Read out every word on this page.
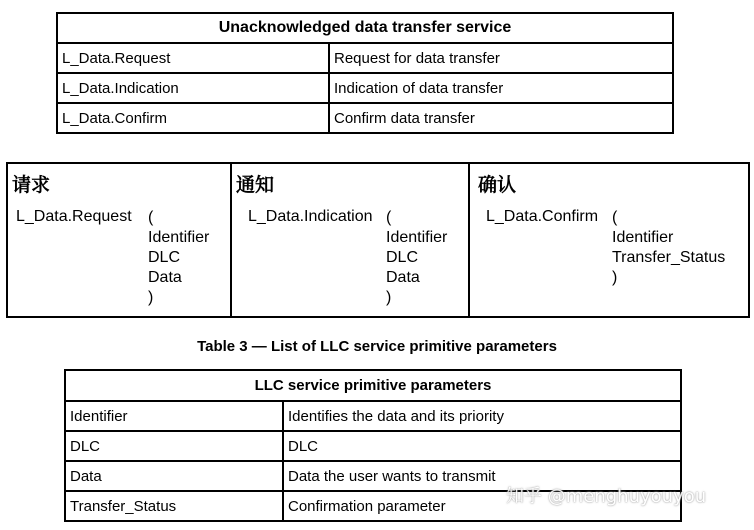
Unacknowledged data transfer service	
L_Data.Request	Request for data transfer
L_Data.Indication	Indication of data transfer
L_Data.Confirm	Confirm data transfer
请求
L_Data.Request (
Identifier
DLC
Data
)
通知
L_Data.Indication (
Identifier
DLC
Data
)
确认
L_Data.Confirm (
Identifier
Transfer_Status
)
Table 3 — List of LLC service primitive parameters
LLC service primitive parameters	
Identifier	Identifies the data and its priority
DLC	DLC
Data	Data the user wants to transmit
Transfer_Status	Confirmation parameter	知乎 @menghuyouyou
